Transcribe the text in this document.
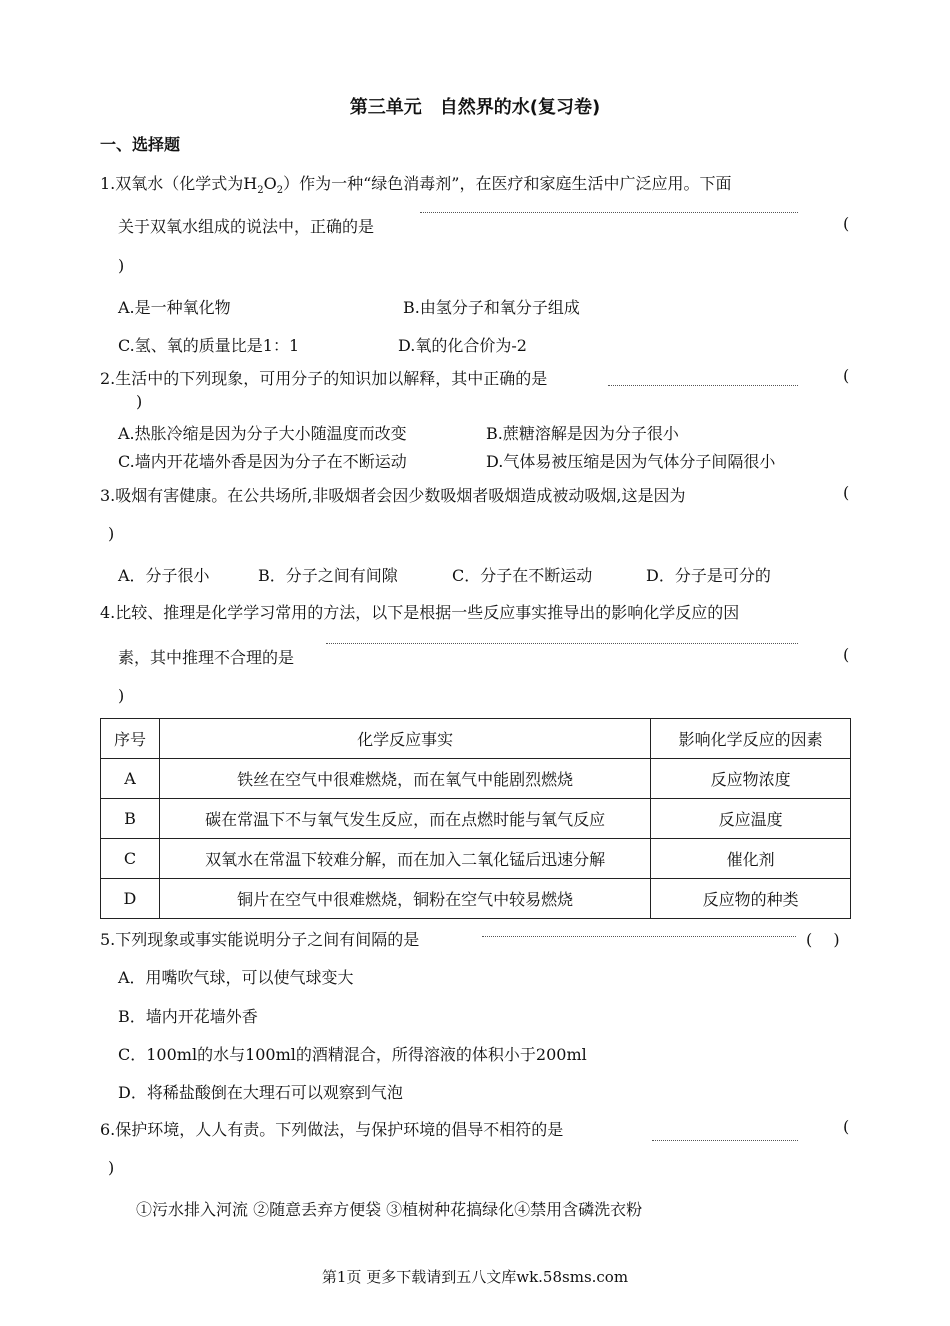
第三单元　自然界的水(复习卷)
一、选择题
1.双氧水（化学式为$H_2O_2$）作为一种“绿色消毒剂”，在医疗和家庭生活中广泛应用。下面
关于双氧水组成的说法中，正确的是	(
)
A.是一种氧化物	B.由氢分子和氧分子组成
C.氢、氧的质量比是1：1	D.氧的化合价为-2
2.生活中的下列现象，可用分子的知识加以解释，其中正确的是	(
)
A.热胀冷缩是因为分子大小随温度而改变	B.蔗糖溶解是因为分子很小
C.墙内开花墙外香是因为分子在不断运动	D.气体易被压缩是因为气体分子间隔很小
3.吸烟有害健康。在公共场所,非吸烟者会因少数吸烟者吸烟造成被动吸烟,这是因为	(
)
A．分子很小	B．分子之间有间隙	C．分子在不断运动	D．分子是可分的
4.比较、推理是化学学习常用的方法，以下是根据一些反应事实推导出的影响化学反应的因
素，其中推理不合理的是	(
)
序号	化学反应事实	影响化学反应的因素
A	铁丝在空气中很难燃烧，而在氧气中能剧烈燃烧	反应物浓度
B	碳在常温下不与氧气发生反应，而在点燃时能与氧气反应	反应温度
C	双氧水在常温下较难分解，而在加入二氧化锰后迅速分解	催化剂
D	铜片在空气中很难燃烧，铜粉在空气中较易燃烧	反应物的种类
5.下列现象或事实能说明分子之间有间隔的是	(　 )
A．用嘴吹气球，可以使气球变大
B．墙内开花墙外香
C．100ml的水与100ml的酒精混合，所得溶液的体积小于200ml
D．将稀盐酸倒在大理石可以观察到气泡
6.保护环境，人人有责。下列做法，与保护环境的倡导不相符的是	(
)
①污水排入河流 ②随意丢弃方便袋 ③植树种花搞绿化④禁用含磷洗衣粉
第1页 更多下载请到五八文库wk.58sms.com
